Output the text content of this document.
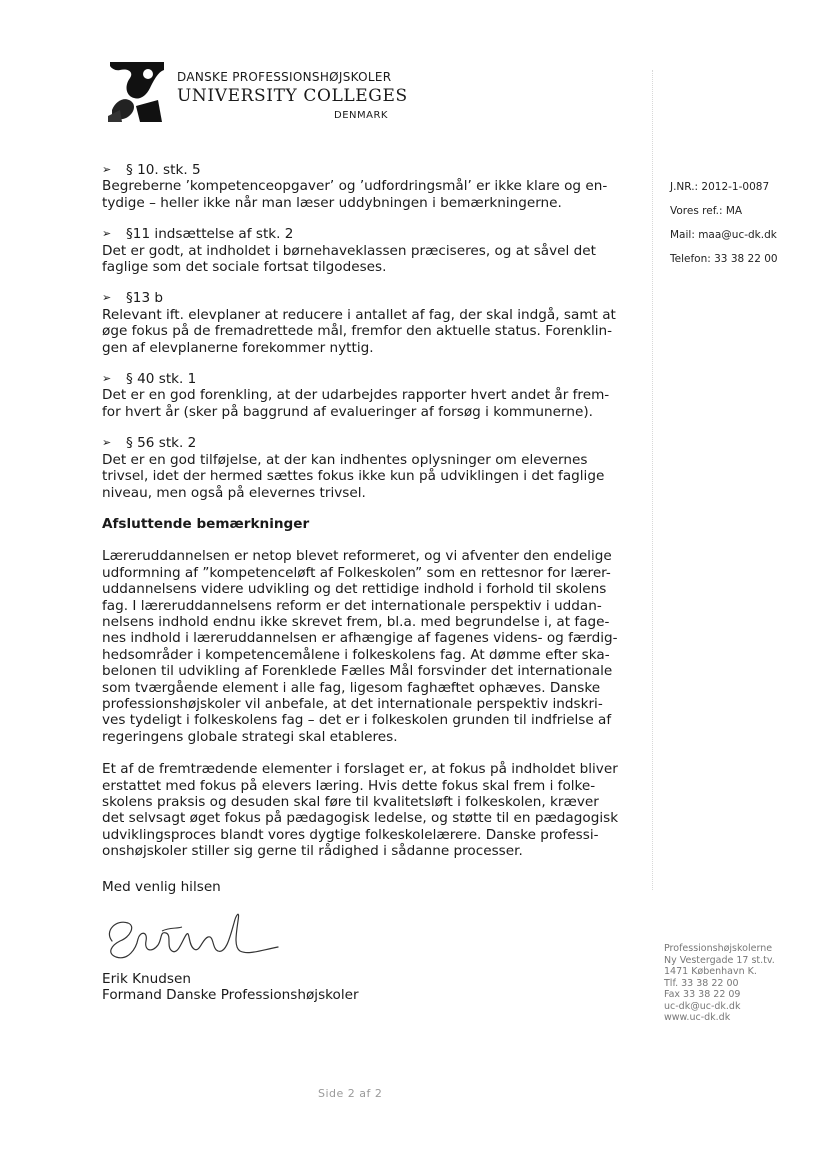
DANSKE PROFESSIONSHØJSKOLER
UNIVERSITY COLLEGES
DENMARK
J.NR.: 2012-1-0087
Vores ref.: MA
Mail: maa@uc-dk.dk
Telefon: 33 38 22 00
➢	§ 10. stk. 5

Begreberne ’kompetenceopgaver’ og ’udfordringsmål’ er ikke klare og en-

tydige – heller ikke når man læser uddybningen i bemærkningerne.

➢	§11 indsættelse af stk. 2

Det er godt, at indholdet i børnehaveklassen præciseres, og at såvel det

faglige som det sociale fortsat tilgodeses.

➢	§13 b

Relevant ift. elevplaner at reducere i antallet af fag, der skal indgå, samt at

øge fokus på de fremadrettede mål, fremfor den aktuelle status. Forenklin-

gen af elevplanerne forekommer nyttig.

➢	§ 40 stk. 1

Det er en god forenkling, at der udarbejdes rapporter hvert andet år frem-

for hvert år (sker på baggrund af evalueringer af forsøg i kommunerne).

➢	§ 56 stk. 2

Det er en god tilføjelse, at der kan indhentes oplysninger om elevernes

trivsel, idet der hermed sættes fokus ikke kun på udviklingen i det faglige

niveau, men også på elevernes trivsel.

Afsluttende bemærkninger

Læreruddannelsen er netop blevet reformeret, og vi afventer den endelige

udformning af ”kompetenceløft af Folkeskolen” som en rettesnor for lærer-

uddannelsens videre udvikling og det rettidige indhold i forhold til skolens

fag. I læreruddannelsens reform er det internationale perspektiv i uddan-

nelsens indhold endnu ikke skrevet frem, bl.a. med begrundelse i, at fage-

nes indhold i læreruddannelsen er afhængige af fagenes videns- og færdig-

hedsområder i kompetencemålene i folkeskolens fag. At dømme efter ska-

belonen til udvikling af Forenklede Fælles Mål forsvinder det internationale

som tværgående element i alle fag, ligesom faghæftet ophæves. Danske

professionshøjskoler vil anbefale, at det internationale perspektiv indskri-

ves tydeligt i folkeskolens fag – det er i folkeskolen grunden til indfrielse af

regeringens globale strategi skal etableres.

Et af de fremtrædende elementer i forslaget er, at fokus på indholdet bliver

erstattet med fokus på elevers læring. Hvis dette fokus skal frem i folke-

skolens praksis og desuden skal føre til kvalitetsløft i folkeskolen, kræver

det selvsagt øget fokus på pædagogisk ledelse, og støtte til en pædagogisk

udviklingsproces blandt vores dygtige folkeskolelærere. Danske professi-

onshøjskoler stiller sig gerne til rådighed i sådanne processer.

Med venlig hilsen

Erik Knudsen

Formand Danske Professionshøjskoler

Professionshøjskolerne
Ny Vestergade 17 st.tv.
1471 København K.
Tlf. 33 38 22 00
Fax 33 38 22 09
uc-dk@uc-dk.dk
www.uc-dk.dk
Side 2 af 2
